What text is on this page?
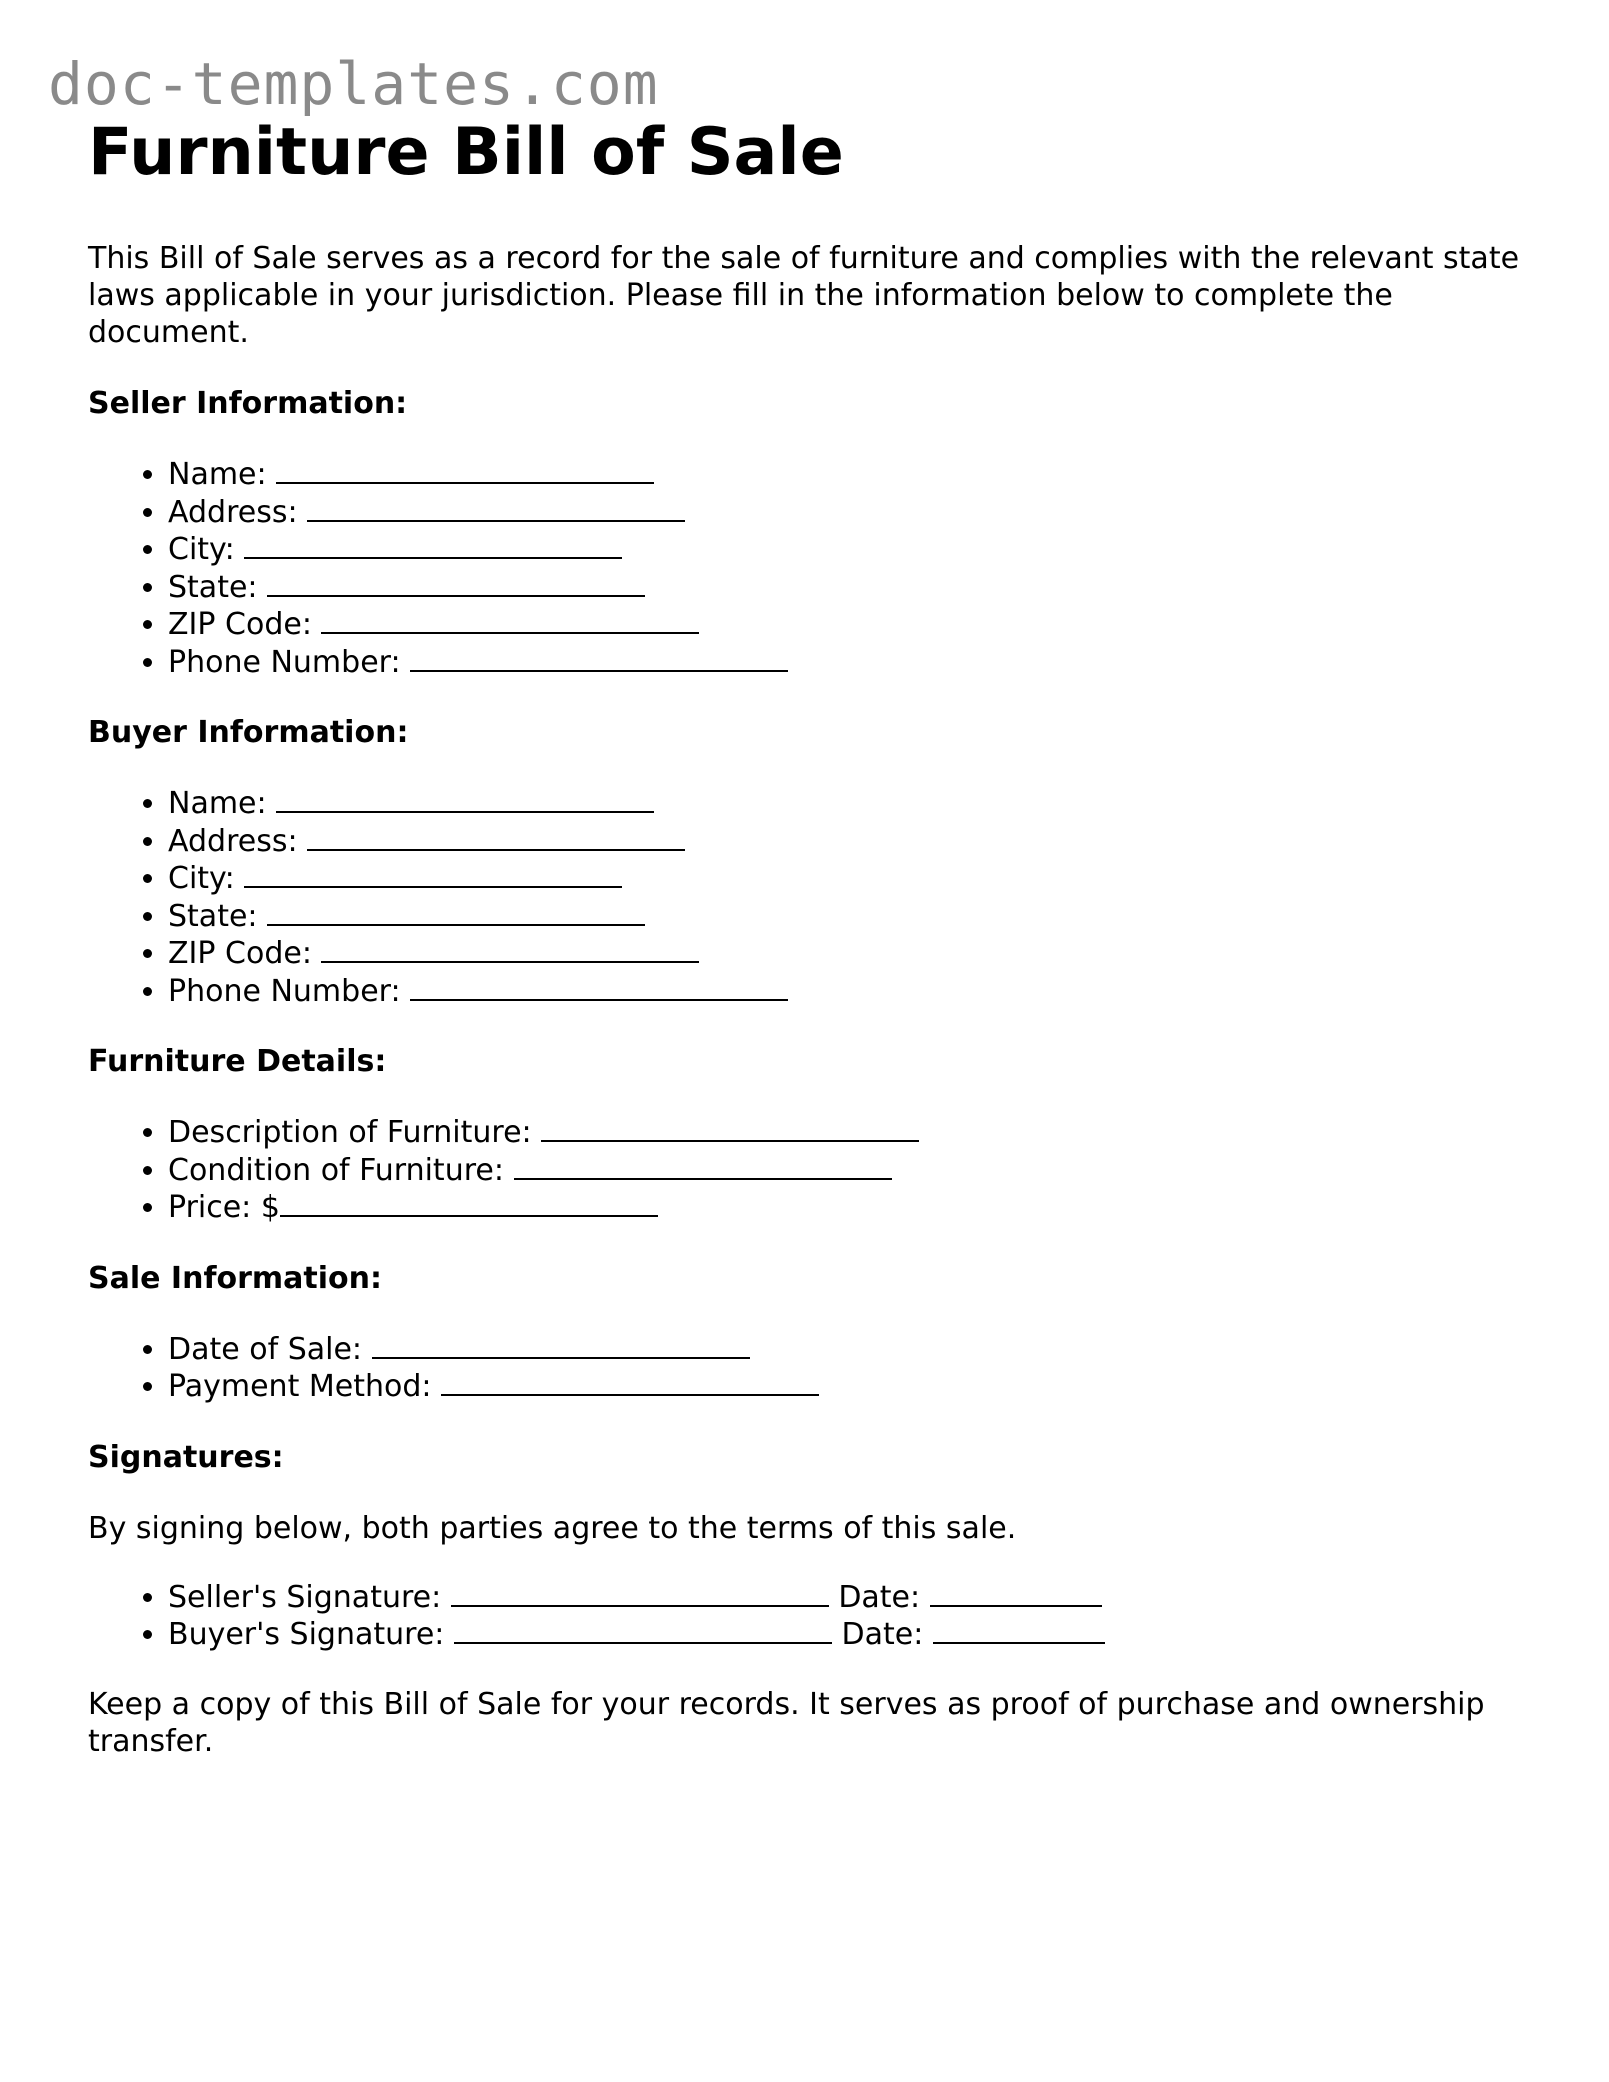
doc-templates.com
Furniture Bill of Sale

This Bill of Sale serves as a record for the sale of furniture and complies with the relevant state laws applicable in your jurisdiction. Please fill in the information below to complete the document.

Seller Information:
• Name:
• Address:
• City:
• State:
• ZIP Code:
• Phone Number:
Buyer Information:
• Name:
• Address:
• City:
• State:
• ZIP Code:
• Phone Number:
Furniture Details:
• Description of Furniture:
• Condition of Furniture:
• Price: $
Sale Information:
• Date of Sale:
• Payment Method:
Signatures:

By signing below, both parties agree to the terms of this sale.

• Seller's Signature:	Date:
• Buyer's Signature:	Date:

Keep a copy of this Bill of Sale for your records. It serves as proof of purchase and ownership transfer.
